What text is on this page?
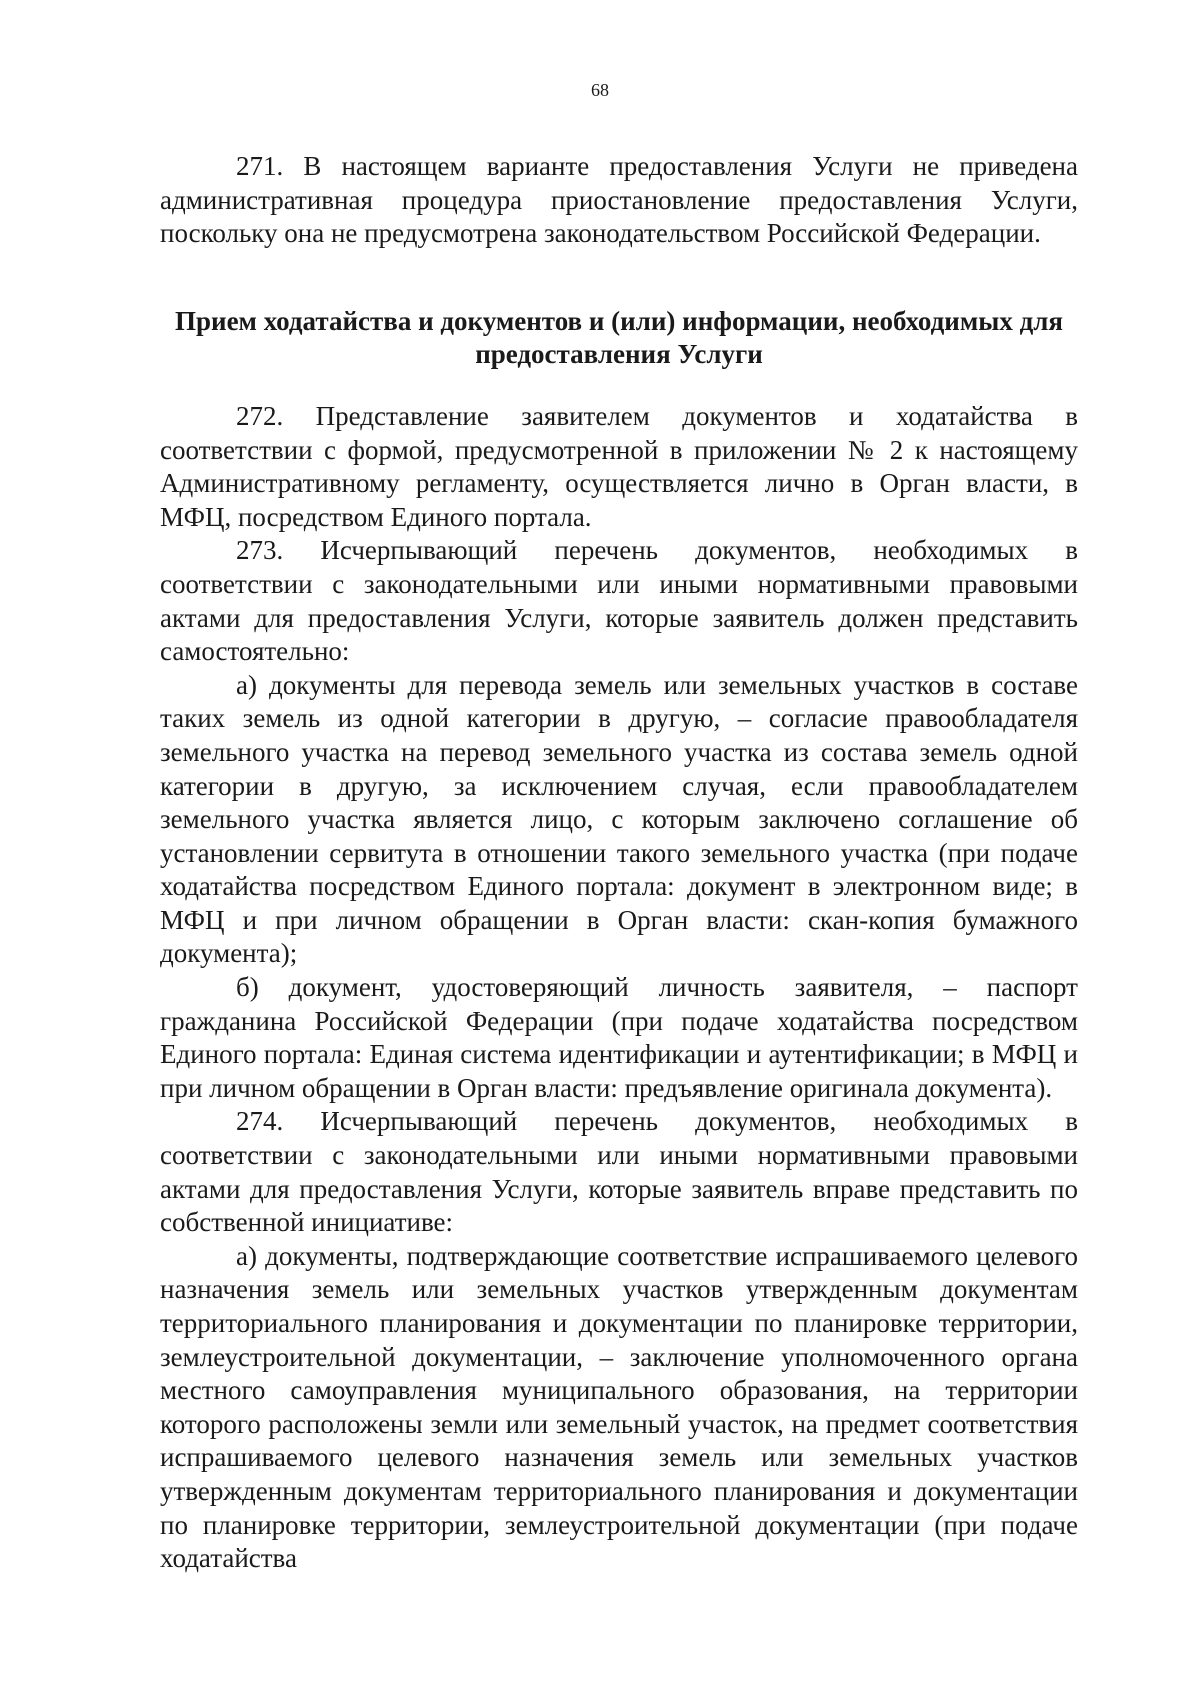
68

271. В настоящем варианте предоставления Услуги не приведена административная процедура приостановление предоставления Услуги, поскольку она не предусмотрена законодательством Российской Федерации.

Прием ходатайства и документов и (или) информации, необходимых для предоставления Услуги

272. Представление заявителем документов и ходатайства в соответствии с формой, предусмотренной в приложении № 2 к настоящему Административному регламенту, осуществляется лично в Орган власти, в МФЦ, посредством Единого портала.

273. Исчерпывающий перечень документов, необходимых в соответствии с законодательными или иными нормативными правовыми актами для предоставления Услуги, которые заявитель должен представить самостоятельно:

а) документы для перевода земель или земельных участков в составе таких земель из одной категории в другую, – согласие правообладателя земельного участка на перевод земельного участка из состава земель одной категории в другую, за исключением случая, если правообладателем земельного участка является лицо, с которым заключено соглашение об установлении сервитута в отношении такого земельного участка (при подаче ходатайства посредством Единого портала: документ в электронном виде; в МФЦ и при личном обращении в Орган власти: скан-копия бумажного документа);

б) документ, удостоверяющий личность заявителя, – паспорт гражданина Российской Федерации (при подаче ходатайства посредством Единого портала: Единая система идентификации и аутентификации; в МФЦ и при личном обращении в Орган власти: предъявление оригинала документа).

274. Исчерпывающий перечень документов, необходимых в соответствии с законодательными или иными нормативными правовыми актами для предоставления Услуги, которые заявитель вправе представить по собственной инициативе:

а) документы, подтверждающие соответствие испрашиваемого целевого назначения земель или земельных участков утвержденным документам территориального планирования и документации по планировке территории, землеустроительной документации, – заключение уполномоченного органа местного самоуправления муниципального образования, на территории которого расположены земли или земельный участок, на предмет соответствия испрашиваемого целевого назначения земель или земельных участков утвержденным документам территориального планирования и документации по планировке территории, землеустроительной документации (при подаче ходатайства
